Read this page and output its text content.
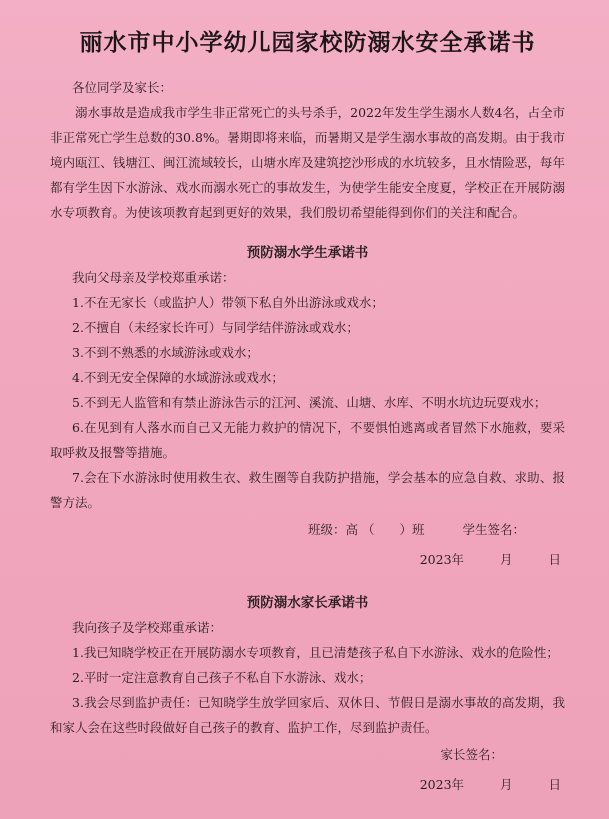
丽水市中小学幼儿园家校防溺水安全承诺书

各位同学及家长：

溺水事故是造成我市学生非正常死亡的头号杀手，2022年发生学生溺水人数4名，占全市非正常死亡学生总数的30.8%。暑期即将来临，而暑期又是学生溺水事故的高发期。由于我市境内瓯江、钱塘江、闽江流域较长，山塘水库及建筑挖沙形成的水坑较多，且水情险恶，每年都有学生因下水游泳、戏水而溺水死亡的事故发生，为使学生能安全度夏，学校正在开展防溺水专项教育。为使该项教育起到更好的效果，我们殷切希望能得到你们的关注和配合。

预防溺水学生承诺书

我向父母亲及学校郑重承诺：

1.不在无家长（或监护人）带领下私自外出游泳或戏水；

2.不擅自（未经家长许可）与同学结伴游泳或戏水；

3.不到不熟悉的水域游泳或戏水；

4.不到无安全保障的水域游泳或戏水；

5.不到无人监管和有禁止游泳告示的江河、溪流、山塘、水库、不明水坑边玩耍戏水；

6.在见到有人落水而自己又无能力救护的情况下，不要惧怕逃离或者冒然下水施救，要采取呼救及报警等措施。

7.会在下水游泳时使用救生衣、救生圈等自我防护措施，学会基本的应急自救、求助、报警方法。

班级：高 （　　）班	学生签名：
2023年	月	日
预防溺水家长承诺书

我向孩子及学校郑重承诺：

1.我已知晓学校正在开展防溺水专项教育，且已清楚孩子私自下水游泳、戏水的危险性；

2.平时一定注意教育自己孩子不私自下水游泳、戏水；

3.我会尽到监护责任：已知晓学生放学回家后、双休日、节假日是溺水事故的高发期，我和家人会在这些时段做好自己孩子的教育、监护工作，尽到监护责任。

家长签名：
2023年	月	日
